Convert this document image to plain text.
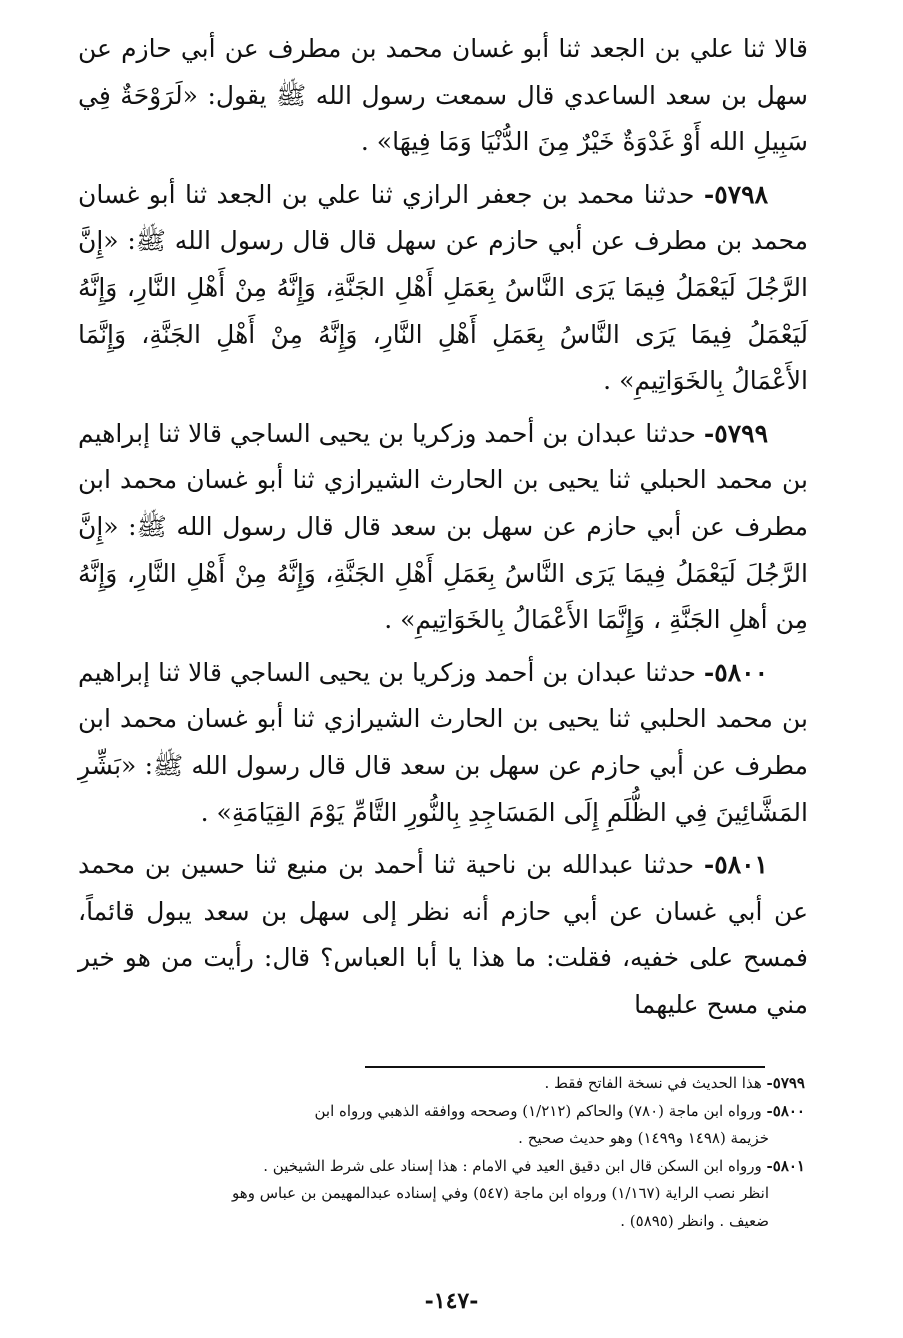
قالا ثنا علي بن الجعد ثنا أبو غسان محمد بن مطرف عن أبي حازم عن سهل بن سعد الساعدي قال سمعت رسول الله ﷺ يقول: «لَرَوْحَةٌ فِي سَبِيلِ الله أَوْ غَدْوَةٌ خَيْرٌ مِنَ الدُّنْيَا وَمَا فِيهَا» .

٥٧٩٨- حدثنا محمد بن جعفر الرازي ثنا علي بن الجعد ثنا أبو غسان محمد بن مطرف عن أبي حازم عن سهل قال قال رسول الله ﷺ: «إِنَّ الرَّجُلَ لَيَعْمَلُ فِيمَا يَرَى النَّاسُ بِعَمَلِ أَهْلِ الجَنَّةِ، وَإِنَّهُ مِنْ أَهْلِ النَّارِ، وَإِنَّهُ لَيَعْمَلُ فِيمَا يَرَى النَّاسُ بِعَمَلِ أَهْلِ النَّارِ، وَإِنَّهُ مِنْ أَهْلِ الجَنَّةِ، وَإِنَّمَا الأَعْمَالُ بِالخَوَاتِيمِ» .

٥٧٩٩- حدثنا عبدان بن أحمد وزكريا بن يحيى الساجي قالا ثنا إبراهيم بن محمد الحبلي ثنا يحيى بن الحارث الشيرازي ثنا أبو غسان محمد ابن مطرف عن أبي حازم عن سهل بن سعد قال قال رسول الله ﷺ: «إِنَّ الرَّجُلَ لَيَعْمَلُ فِيمَا يَرَى النَّاسُ بِعَمَلِ أَهْلِ الجَنَّةِ، وَإِنَّهُ مِنْ أَهْلِ النَّارِ، وَإِنَّهُ مِن أهلِ الجَنَّةِ ، وَإِنَّمَا الأَعْمَالُ بِالخَوَاتِيمِ» .

٥٨٠٠- حدثنا عبدان بن أحمد وزكريا بن يحيى الساجي قالا ثنا إبراهيم بن محمد الحلبي ثنا يحيى بن الحارث الشيرازي ثنا أبو غسان محمد ابن مطرف عن أبي حازم عن سهل بن سعد قال قال رسول الله ﷺ: «بَشِّرِ المَشَّائِينَ فِي الظُّلَمِ إِلَى المَسَاجِدِ بِالنُّورِ التَّامِّ يَوْمَ القِيَامَةِ» .

٥٨٠١- حدثنا عبدالله بن ناحية ثنا أحمد بن منيع ثنا حسين بن محمد عن أبي غسان عن أبي حازم أنه نظر إلى سهل بن سعد يبول قائماً، فمسح على خفيه، فقلت: ما هذا يا أبا العباس؟ قال: رأيت من هو خير مني مسح عليهما

٥٧٩٩- هذا الحديث في نسخة الفاتح فقط .

٥٨٠٠- ورواه ابن ماجة (٧٨٠) والحاكم (١/٢١٢) وصححه ووافقه الذهبي ورواه ابن

خزيمة (١٤٩٨ و١٤٩٩) وهو حديث صحيح .

٥٨٠١- ورواه ابن السكن قال ابن دقيق العيد في الامام : هذا إسناد على شرط الشيخين .

انظر نصب الراية (١/١٦٧) ورواه ابن ماجة (٥٤٧) وفي إسناده عبدالمهيمن بن عباس وهو

ضعيف . وانظر (٥٨٩٥) .

-١٤٧-
